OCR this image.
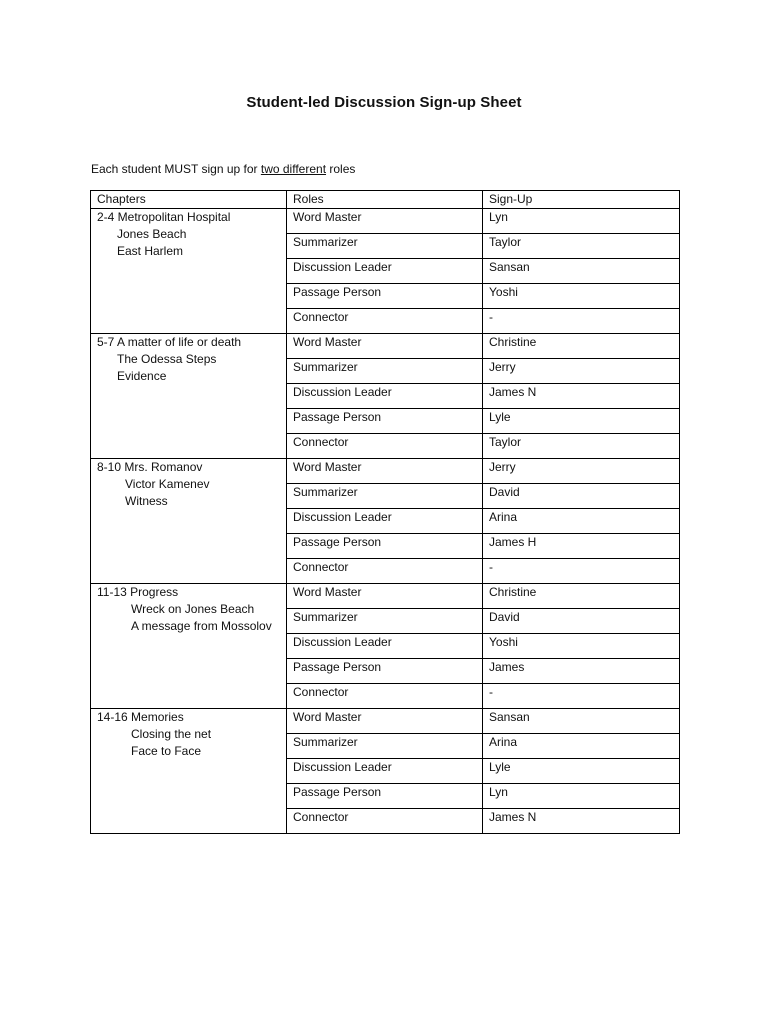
Student-led Discussion Sign-up Sheet
Each student MUST sign up for two different roles
Chapters	Roles	Sign-Up

2-4 Metropolitan Hospital
Jones Beach
East Harlem	Word Master	Lyn
	Summarizer	Taylor
	Discussion Leader	Sansan
	Passage Person	Yoshi
	Connector	-

5-7 A matter of life or death
The Odessa Steps
Evidence	Word Master	Christine
	Summarizer	Jerry
	Discussion Leader	James N
	Passage Person	Lyle
	Connector	Taylor

8-10 Mrs. Romanov
Victor Kamenev
Witness	Word Master	Jerry
	Summarizer	David
	Discussion Leader	Arina
	Passage Person	James H
	Connector	-

11-13 Progress
Wreck on Jones Beach
A message from Mossolov	Word Master	Christine
	Summarizer	David
	Discussion Leader	Yoshi
	Passage Person	James
	Connector	-

14-16 Memories
Closing the net
Face to Face	Word Master	Sansan
	Summarizer	Arina
	Discussion Leader	Lyle
	Passage Person	Lyn
	Connector	James N
